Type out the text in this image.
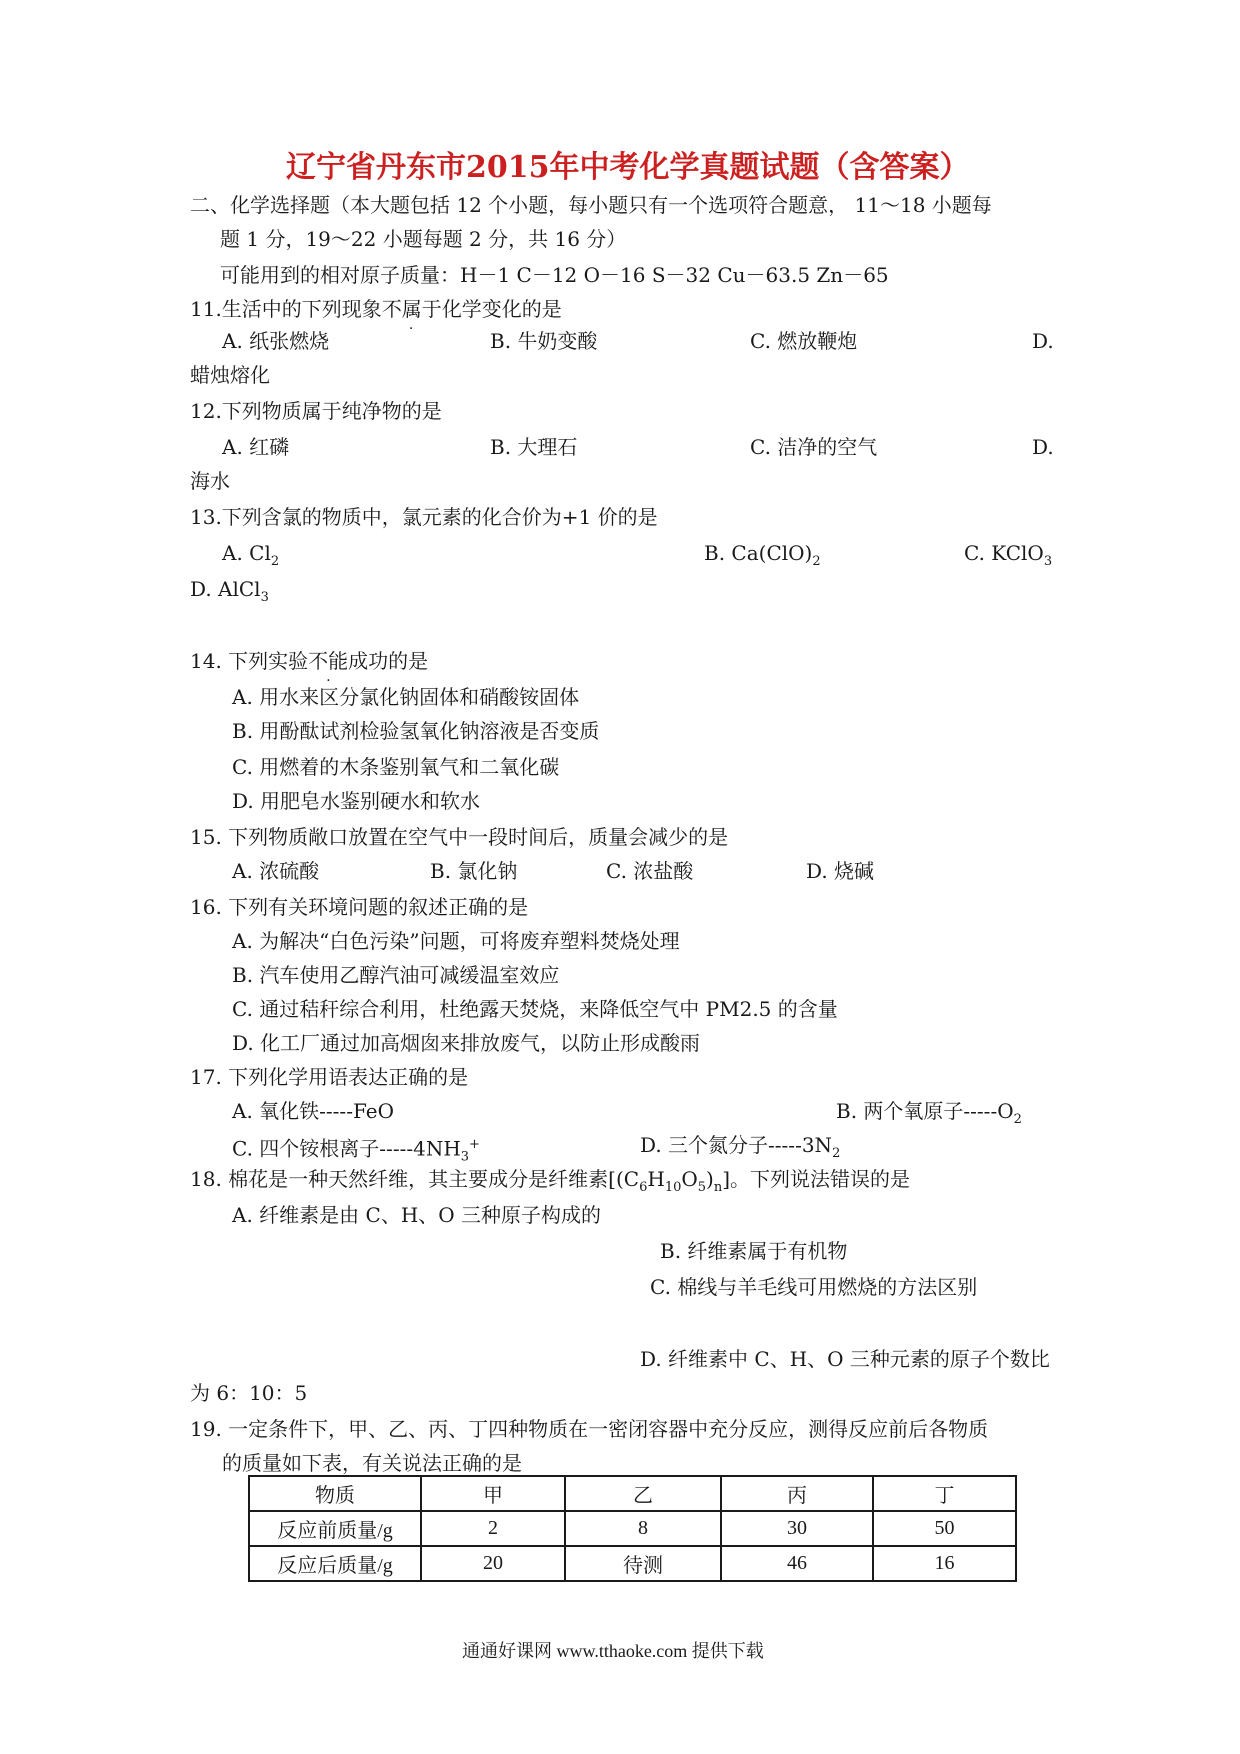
辽宁省丹东市2015年中考化学真题试题（含答案）
二、化学选择题（本大题包括 12 个小题，每小题只有一个选项符合题意， 11～18 小题每
题 1 分，19～22 小题每题 2 分，共 16 分）
可能用到的相对原子质量：H－1 C－12 O－16 S－32 Cu－63.5 Zn－65
11.生活中的下列现象不属于化学变化的是
A. 纸张燃烧	B. 牛奶变酸	C. 燃放鞭炮	D.
蜡烛熔化
12.下列物质属于纯净物的是
A. 红磷	B. 大理石	C. 洁净的空气	D.
海水
13.下列含氯的物质中，氯元素的化合价为+1 价的是
A. $Cl_2$	B. $Ca(ClO)_2$	C. KClO$_3$
D. AlCl$_3$
14. 下列实验不能成功的是
A. 用水来区分氯化钠固体和硝酸铵固体
B. 用酚酞试剂检验氢氧化钠溶液是否变质
C. 用燃着的木条鉴别氧气和二氧化碳
D. 用肥皂水鉴别硬水和软水
15. 下列物质敞口放置在空气中一段时间后，质量会减少的是
A. 浓硫酸	B. 氯化钠	C. 浓盐酸	D. 烧碱
16. 下列有关环境问题的叙述正确的是
A. 为解决“白色污染”问题，可将废弃塑料焚烧处理
B. 汽车使用乙醇汽油可减缓温室效应
C. 通过秸秆综合利用，杜绝露天焚烧，来降低空气中 PM2.5 的含量
D. 化工厂通过加高烟囱来排放废气，以防止形成酸雨
17. 下列化学用语表达正确的是
A. 氧化铁-----FeO	B. 两个氧原子$-----O_2$
C. 四个铵根离子$-----4NH_3^+$	D. 三个氮分子$-----3N_2$
18. 棉花是一种天然纤维，其主要成分是纤维素$[(C_6H_{10}O_5)_n]$。下列说法错误的是
A. 纤维素是由 C、H、O 三种原子构成的
B. 纤维素属于有机物
C. 棉线与羊毛线可用燃烧的方法区别
D. 纤维素中 C、H、O 三种元素的原子个数比
为 6：10：5
19. 一定条件下，甲、乙、丙、丁四种物质在一密闭容器中充分反应，测得反应前后各物质
的质量如下表，有关说法正确的是
物质	甲	乙	丙	丁
反应前质量/g	2	8	30	50
反应后质量/g	20	待测	46	16
通通好课网 www.tthaoke.com 提供下载
